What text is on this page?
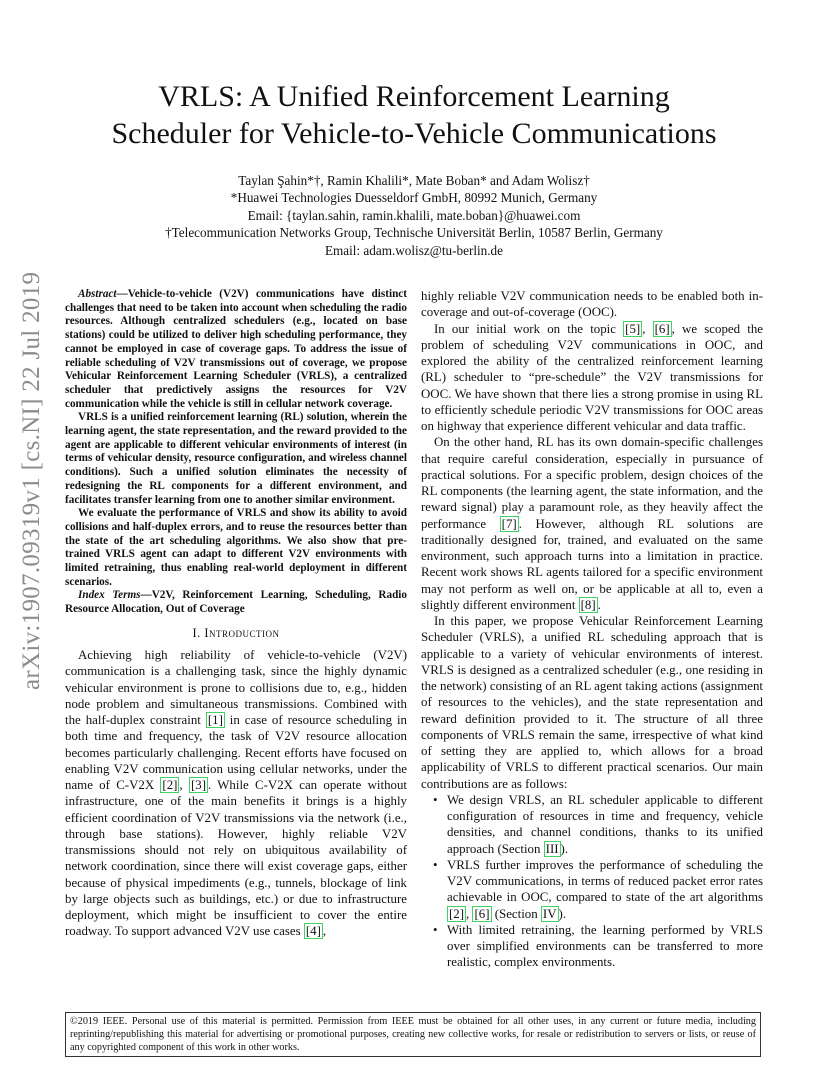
VRLS: A Unified Reinforcement Learning
Scheduler for Vehicle-to-Vehicle Communications
Taylan Şahin*†, Ramin Khalili*, Mate Boban* and Adam Wolisz†
*Huawei Technologies Duesseldorf GmbH, 80992 Munich, Germany
Email: {taylan.sahin, ramin.khalili, mate.boban}@huawei.com
†Telecommunication Networks Group, Technische Universität Berlin, 10587 Berlin, Germany
Email: adam.wolisz@tu-berlin.de
arXiv:1907.09319v1 [cs.NI] 22 Jul 2019	Abstract—Vehicle-to-vehicle (V2V) communications have distinct challenges that need to be taken into account when scheduling the radio resources. Although centralized schedulers (e.g., located on base stations) could be utilized to deliver high scheduling performance, they cannot be employed in case of coverage gaps. To address the issue of reliable scheduling of V2V transmissions out of coverage, we propose Vehicular Reinforcement Learning Scheduler (VRLS), a centralized scheduler that predictively assigns the resources for V2V communication while the vehicle is still in cellular network coverage.

VRLS is a unified reinforcement learning (RL) solution, wherein the learning agent, the state representation, and the reward provided to the agent are applicable to different vehicular environments of interest (in terms of vehicular density, resource configuration, and wireless channel conditions). Such a unified solution eliminates the necessity of redesigning the RL components for a different environment, and facilitates transfer learning from one to another similar environment.

We evaluate the performance of VRLS and show its ability to avoid collisions and half-duplex errors, and to reuse the resources better than the state of the art scheduling algorithms. We also show that pre-trained VRLS agent can adapt to different V2V environments with limited retraining, thus enabling real-world deployment in different scenarios.

Index Terms—V2V, Reinforcement Learning, Scheduling, Radio Resource Allocation, Out of Coverage

I. Introduction

Achieving high reliability of vehicle-to-vehicle (V2V) communication is a challenging task, since the highly dynamic vehicular environment is prone to collisions due to, e.g., hidden node problem and simultaneous transmissions. Combined with the half-duplex constraint [1] in case of resource scheduling in both time and frequency, the task of V2V resource allocation becomes particularly challenging. Recent efforts have focused on enabling V2V communication using cellular networks, under the name of C-V2X [2] , [3] . While C-V2X can operate without infrastructure, one of the main benefits it brings is a highly efficient coordination of V2V transmissions via the network (i.e., through base stations). However, highly reliable V2V transmissions should not rely on ubiquitous availability of network coordination, since there will exist coverage gaps, either because of physical impediments (e.g., tunnels, blockage of link by large objects such as buildings, etc.) or due to infrastructure deployment, which might be insufficient to cover the entire roadway. To support advanced V2V use cases [4] ,

highly reliable V2V communication needs to be enabled both in-coverage and out-of-coverage (OOC).

In our initial work on the topic [5] , [6] , we scoped the problem of scheduling V2V communications in OOC, and explored the ability of the centralized reinforcement learning (RL) scheduler to “pre-schedule” the V2V transmissions for OOC. We have shown that there lies a strong promise in using RL to efficiently schedule periodic V2V transmissions for OOC areas on highway that experience different vehicular and data traffic.

On the other hand, RL has its own domain-specific challenges that require careful consideration, especially in pursuance of practical solutions. For a specific problem, design choices of the RL components (the learning agent, the state information, and the reward signal) play a paramount role, as they heavily affect the performance [7] . However, although RL solutions are traditionally designed for, trained, and evaluated on the same environment, such approach turns into a limitation in practice. Recent work shows RL agents tailored for a specific environment may not perform as well on, or be applicable at all to, even a slightly different environment [8] .

In this paper, we propose Vehicular Reinforcement Learning Scheduler (VRLS), a unified RL scheduling approach that is applicable to a variety of vehicular environments of interest. VRLS is designed as a centralized scheduler (e.g., one residing in the network) consisting of an RL agent taking actions (assignment of resources to the vehicles), and the state representation and reward definition provided to it. The structure of all three components of VRLS remain the same, irrespective of what kind of setting they are applied to, which allows for a broad applicability of VRLS to different practical scenarios. Our main contributions are as follows:

• We design VRLS, an RL scheduler applicable to different configuration of resources in time and frequency, vehicle densities, and channel conditions, thanks to its unified approach (Section III ).
• VRLS further improves the performance of scheduling the V2V communications, in terms of reduced packet error rates achievable in OOC, compared to state of the art algorithms [2] , [6] (Section IV ).
• With limited retraining, the learning performed by VRLS over simplified environments can be transferred to more realistic, complex environments.
©2019 IEEE. Personal use of this material is permitted. Permission from IEEE must be obtained for all other uses, in any current or future media, including reprinting/republishing this material for advertising or promotional purposes, creating new collective works, for resale or redistribution to servers or lists, or reuse of any copyrighted component of this work in other works.
